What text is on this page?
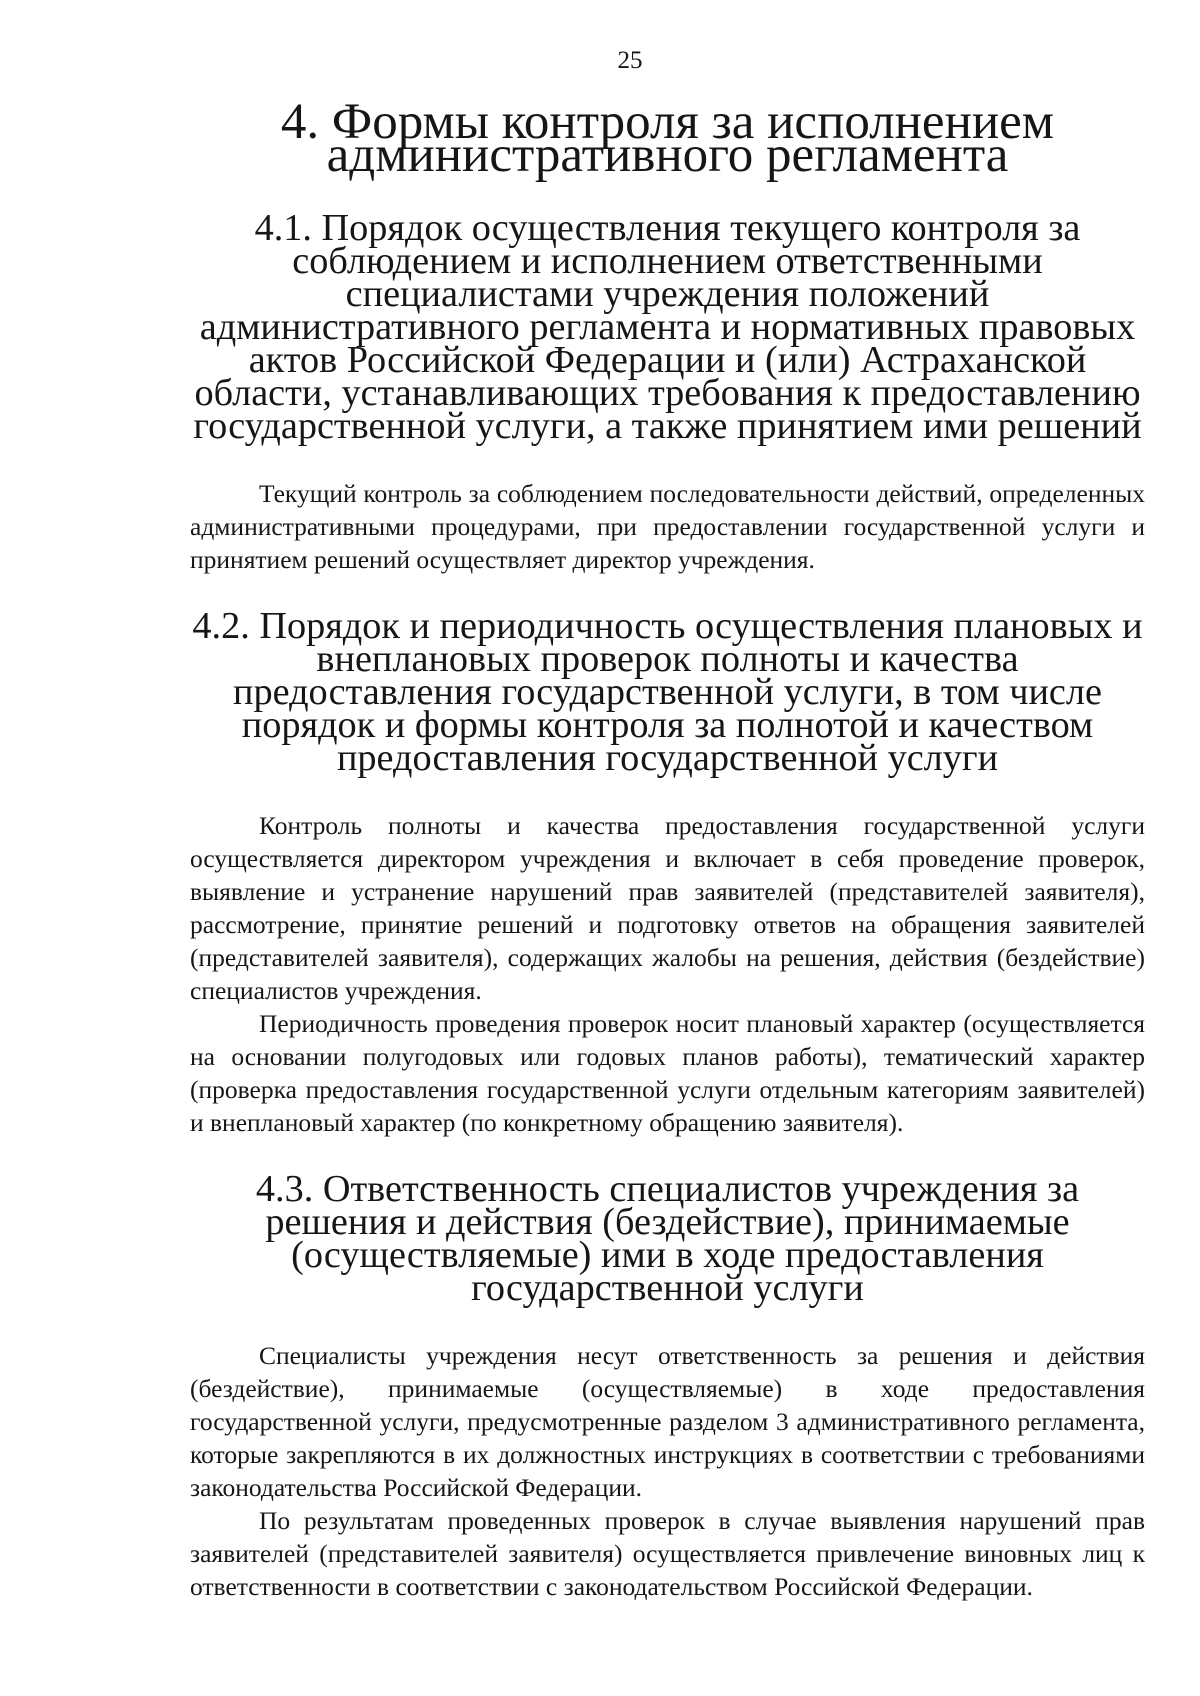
25
4. Формы контроля за исполнением
административного регламента
4.1. Порядок осуществления текущего контроля за соблюдением и исполнением ответственными специалистами учреждения положений административного регламента и нормативных правовых актов Российской Федерации и (или) Астраханской области, устанавливающих требования к предоставлению государственной услуги, а также принятием ими решений

Текущий контроль за соблюдением последовательности действий, определенных административными процедурами, при предоставлении государственной услуги и принятием решений осуществляет директор учреждения.

4.2. Порядок и периодичность осуществления плановых и внеплановых проверок полноты и качества предоставления государственной услуги, в том числе порядок и формы контроля за полнотой и качеством предоставления государственной услуги

Контроль полноты и качества предоставления государственной услуги осуществляется директором учреждения и включает в себя проведение проверок, выявление и устранение нарушений прав заявителей (представителей заявителя), рассмотрение, принятие решений и подготовку ответов на обращения заявителей (представителей заявителя), содержащих жалобы на решения, действия (бездействие) специалистов учреждения.

Периодичность проведения проверок носит плановый характер (осуществляется на основании полугодовых или годовых планов работы), тематический характер (проверка предоставления государственной услуги отдельным категориям заявителей) и внеплановый характер (по конкретному обращению заявителя).

4.3. Ответственность специалистов учреждения за решения и действия (бездействие), принимаемые (осуществляемые) ими в ходе предоставления государственной услуги

Специалисты учреждения несут ответственность за решения и действия (бездействие), принимаемые (осуществляемые) в ходе предоставления государственной услуги, предусмотренные разделом 3 административного регламента, которые закрепляются в их должностных инструкциях в соответствии с требованиями законодательства Российской Федерации.

По результатам проведенных проверок в случае выявления нарушений прав заявителей (представителей заявителя) осуществляется привлечение виновных лиц к ответственности в соответствии с законодательством Российской Федерации.
